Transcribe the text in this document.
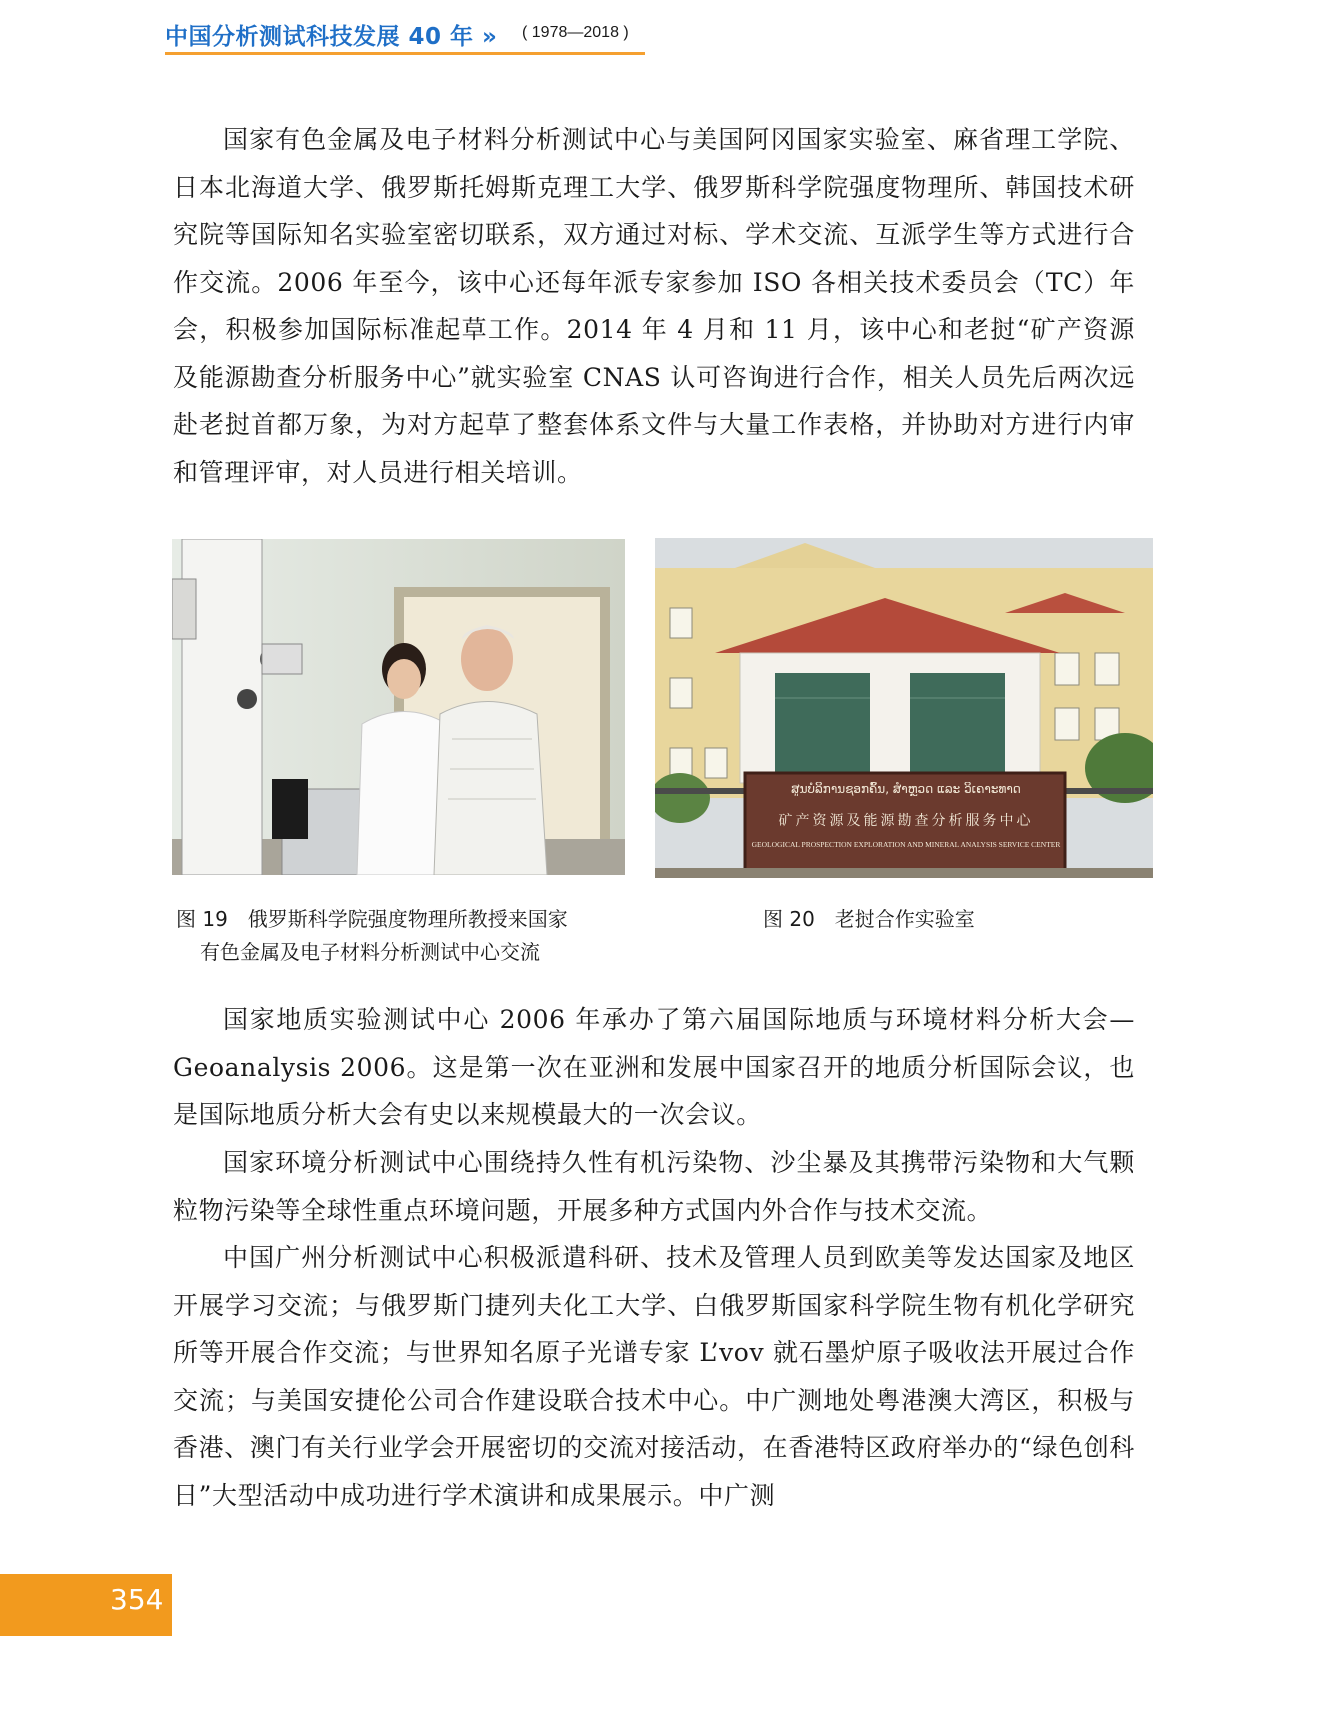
中国分析测试科技发展 40 年 » ( 1978—2018 )

国家有色金属及电子材料分析测试中心与美国阿冈国家实验室、麻省理工学院、日本北海道大学、俄罗斯托姆斯克理工大学、俄罗斯科学院强度物理所、韩国技术研究院等国际知名实验室密切联系，双方通过对标、学术交流、互派学生等方式进行合作交流。2006 年至今，该中心还每年派专家参加 ISO 各相关技术委员会（TC）年会，积极参加国际标准起草工作。2014 年 4 月和 11 月，该中心和老挝“矿产资源及能源勘查分析服务中心”就实验室 CNAS 认可咨询进行合作，相关人员先后两次远赴老挝首都万象，为对方起草了整套体系文件与大量工作表格，并协助对方进行内审和管理评审，对人员进行相关培训。

ສູນບໍລິການຊອກຄົ້ນ, ສຳຫຼວດ ແລະ ວິເຄາະທາດ
矿产资源及能源勘查分析服务中心
GEOLOGICAL PROSPECTION EXPLORATION AND MINERAL ANALYSIS SERVICE CENTER
图 19　俄罗斯科学院强度物理所教授来国家
有色金属及电子材料分析测试中心交流
图 20　老挝合作实验室

国家地质实验测试中心 2006 年承办了第六届国际地质与环境材料分析大会— Geoanalysis 2006。这是第一次在亚洲和发展中国家召开的地质分析国际会议，也是国际地质分析大会有史以来规模最大的一次会议。

国家环境分析测试中心围绕持久性有机污染物、沙尘暴及其携带污染物和大气颗粒物污染等全球性重点环境问题，开展多种方式国内外合作与技术交流。

中国广州分析测试中心积极派遣科研、技术及管理人员到欧美等发达国家及地区开展学习交流；与俄罗斯门捷列夫化工大学、白俄罗斯国家科学院生物有机化学研究所等开展合作交流；与世界知名原子光谱专家 L’vov 就石墨炉原子吸收法开展过合作交流；与美国安捷伦公司合作建设联合技术中心。中广测地处粤港澳大湾区，积极与香港、澳门有关行业学会开展密切的交流对接活动，在香港特区政府举办的“绿色创科日”大型活动中成功进行学术演讲和成果展示。中广测

354
